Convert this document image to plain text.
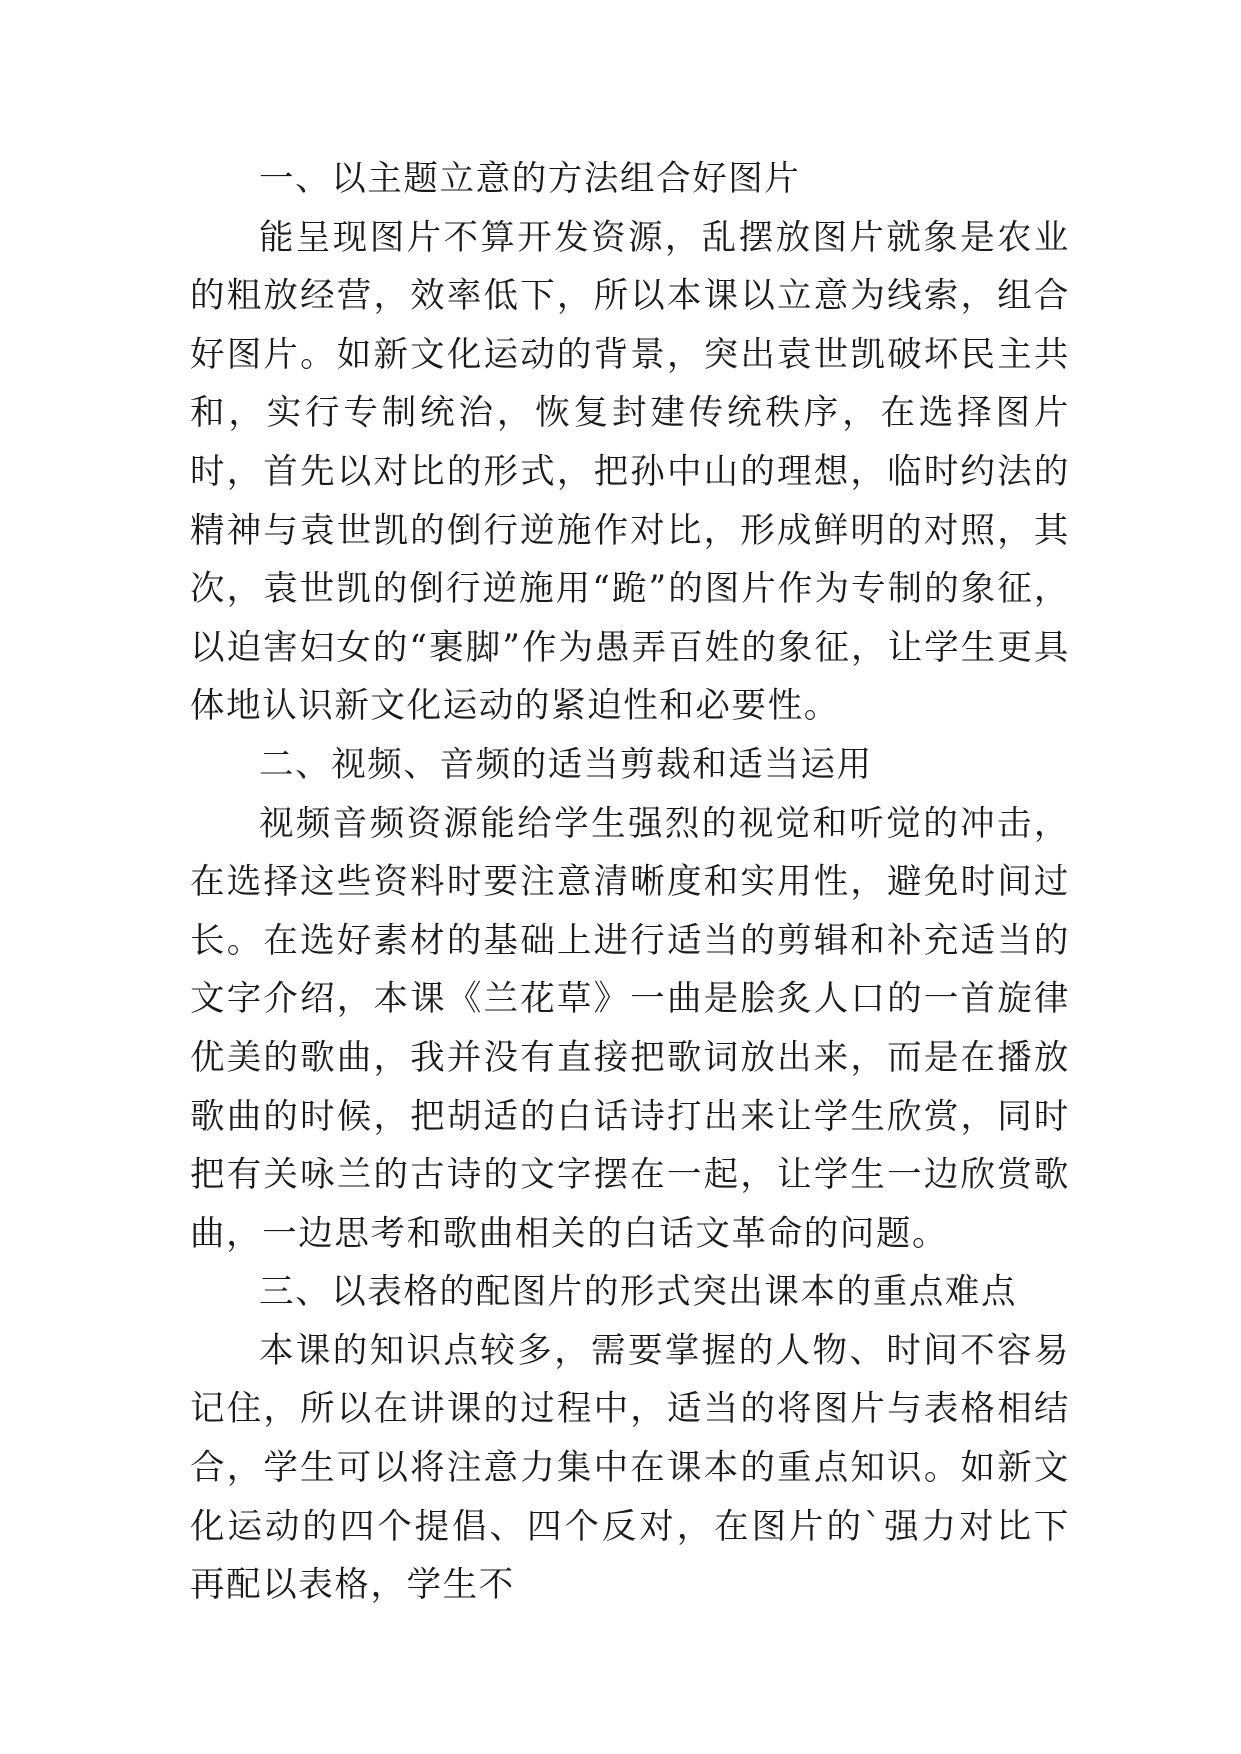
一、以主题立意的方法组合好图片

能呈现图片不算开发资源，乱摆放图片就象是农业的粗放经营，效率低下，所以本课以立意为线索，组合好图片。如新文化运动的背景，突出袁世凯破坏民主共和，实行专制统治，恢复封建传统秩序，在选择图片时，首先以对比的形式，把孙中山的理想，临时约法的精神与袁世凯的倒行逆施作对比，形成鲜明的对照，其次，袁世凯的倒行逆施用“跪”的图片作为专制的象征，以迫害妇女的“裹脚”作为愚弄百姓的象征，让学生更具体地认识新文化运动的紧迫性和必要性。

二、视频、音频的适当剪裁和适当运用

视频音频资源能给学生强烈的视觉和听觉的冲击，在选择这些资料时要注意清晰度和实用性，避免时间过长。在选好素材的基础上进行适当的剪辑和补充适当的文字介绍，本课《兰花草》一曲是脍炙人口的一首旋律优美的歌曲，我并没有直接把歌词放出来，而是在播放歌曲的时候，把胡适的白话诗打出来让学生欣赏，同时把有关咏兰的古诗的文字摆在一起，让学生一边欣赏歌曲，一边思考和歌曲相关的白话文革命的问题。

三、以表格的配图片的形式突出课本的重点难点

本课的知识点较多，需要掌握的人物、时间不容易记住，所以在讲课的过程中，适当的将图片与表格相结合，学生可以将注意力集中在课本的重点知识。如新文化运动的四个提倡、四个反对，在图片的`强力对比下再配以表格，学生不
